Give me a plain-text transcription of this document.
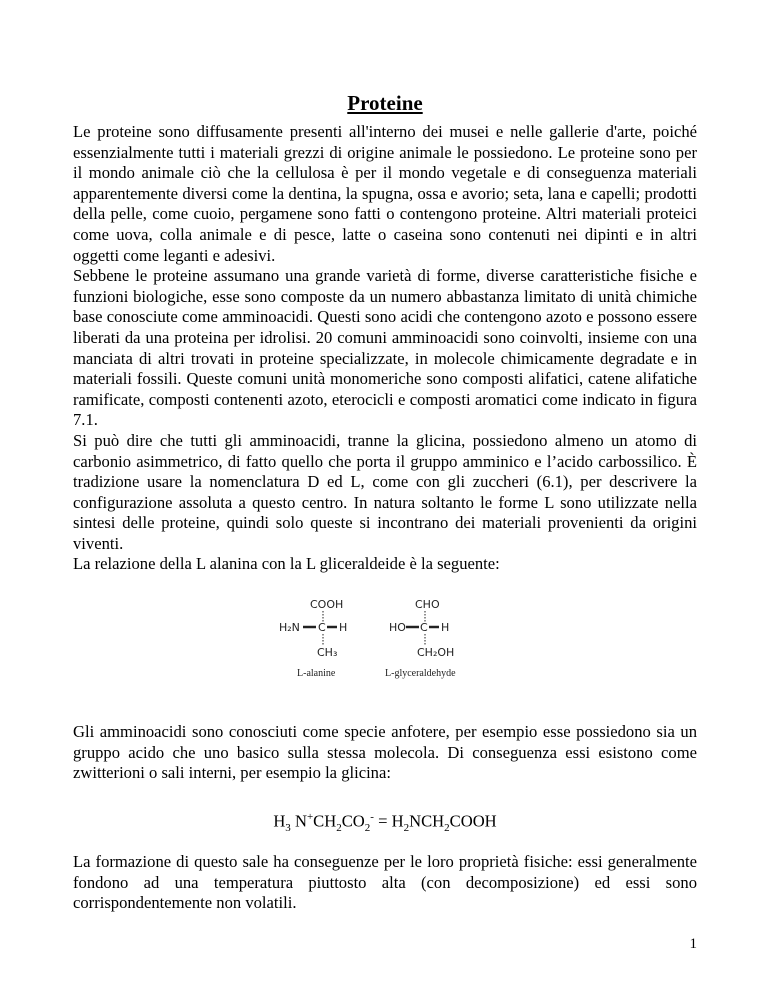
Proteine

Le proteine sono diffusamente presenti all'interno dei musei e nelle gallerie d'arte, poiché essenzialmente tutti i materiali grezzi di origine animale le possiedono. Le proteine sono per il mondo animale ciò che la cellulosa è per il mondo vegetale e di conseguenza materiali apparentemente diversi come la dentina, la spugna, ossa e avorio; seta, lana e capelli; prodotti della pelle, come cuoio, pergamene sono fatti o contengono proteine. Altri materiali proteici come uova, colla animale e di pesce, latte o caseina sono contenuti nei dipinti e in altri oggetti come leganti e adesivi.

Sebbene le proteine assumano una grande varietà di forme, diverse caratteristiche fisiche e funzioni biologiche, esse sono composte da un numero abbastanza limitato di unità chimiche base conosciute come amminoacidi. Questi sono acidi che contengono azoto e possono essere liberati da una proteina per idrolisi. 20 comuni amminoacidi sono coinvolti, insieme con una manciata di altri trovati in proteine specializzate, in molecole chimicamente degradate e in materiali fossili. Queste comuni unità monomeriche sono composti alifatici, catene alifatiche ramificate, composti contenenti azoto, eterocicli e composti aromatici come indicato in figura 7.1.

Si può dire che tutti gli amminoacidi, tranne la glicina, possiedono almeno un atomo di carbonio asimmetrico, di fatto quello che porta il gruppo amminico e l’acido carbossilico. È tradizione usare la nomenclatura D ed L, come con gli zuccheri (6.1), per descrivere la configurazione assoluta a questo centro. In natura soltanto le forme L sono utilizzate nella sintesi delle proteine, quindi solo queste si incontrano dei materiali provenienti da origini viventi.

La relazione della L alanina con la L gliceraldeide è la seguente:

COOH
H₂N C H
CH₃
L-alanine
CHO
HO C H
CH₂OH
L-glyceraldehyde

Gli amminoacidi sono conosciuti come specie anfotere, per esempio esse possiedono sia un gruppo acido che uno basico sulla stessa molecola. Di conseguenza essi esistono come zwitterioni o sali interni, per esempio la glicina:

$H_3$ $N^+CH_2CO_2^-$ = $H_2NCH_2COOH$

La formazione di questo sale ha conseguenze per le loro proprietà fisiche: essi generalmente fondono ad una temperatura piuttosto alta (con decomposizione) ed essi sono corrispondentemente non volatili.

1
